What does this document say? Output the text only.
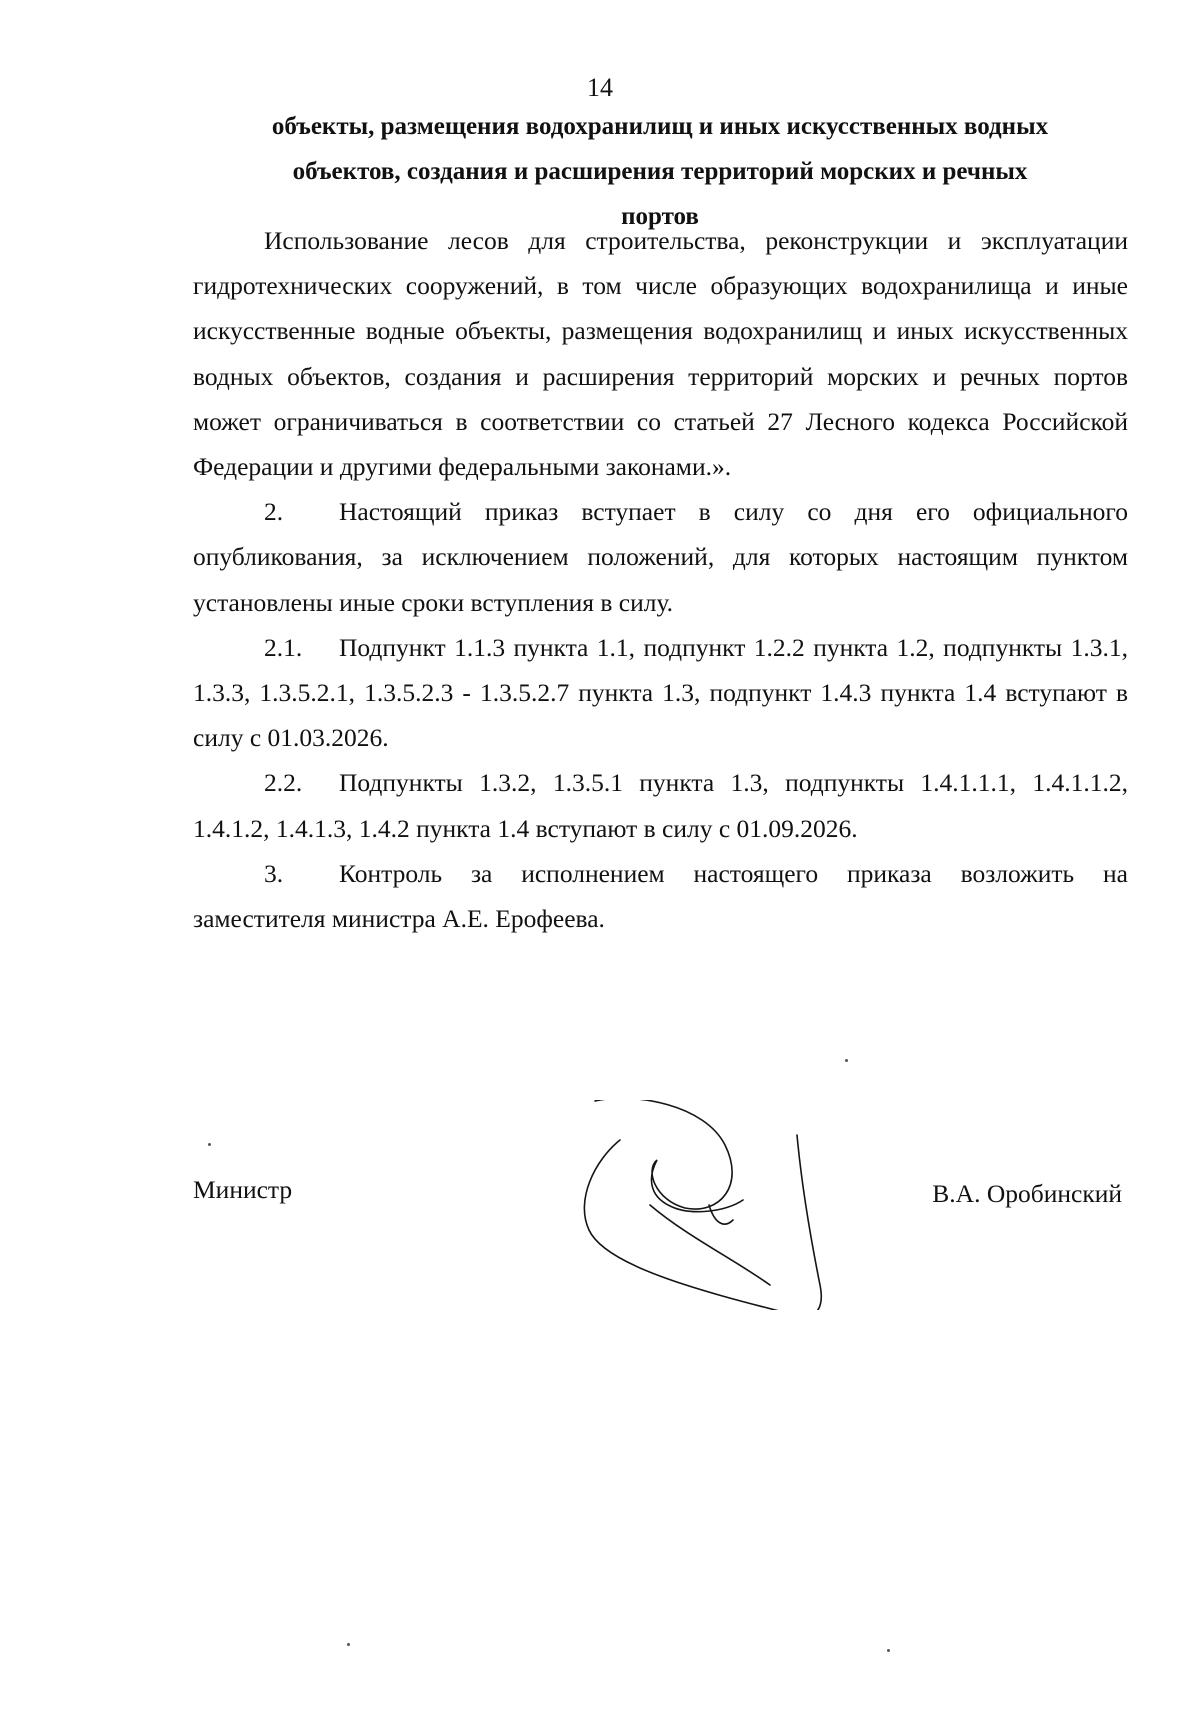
14
объекты, размещения водохранилищ и иных искусственных водных
объектов, создания и расширения территорий морских и речных
портов
Использование лесов для строительства, реконструкции и эксплуатации гидротехнических сооружений, в том числе образующих водохранилища и иные искусственные водные объекты, размещения водохранилищ и иных искусственных водных объектов, создания и расширения территорий морских и речных портов может ограничиваться в соответствии со статьей 27 Лесного кодекса Российской Федерации и другими федеральными законами.».
2. Настоящий приказ вступает в силу со дня его официального опубликования, за исключением положений, для которых настоящим пунктом установлены иные сроки вступления в силу.
2.1. Подпункт 1.1.3 пункта 1.1, подпункт 1.2.2 пункта 1.2, подпункты 1.3.1, 1.3.3, 1.3.5.2.1, 1.3.5.2.3 - 1.3.5.2.7 пункта 1.3, подпункт 1.4.3 пункта 1.4 вступают в силу с 01.03.2026.
2.2. Подпункты 1.3.2, 1.3.5.1 пункта 1.3, подпункты 1.4.1.1.1, 1.4.1.1.2, 1.4.1.2, 1.4.1.3, 1.4.2 пункта 1.4 вступают в силу с 01.09.2026.
3. Контроль за исполнением настоящего приказа возложить на заместителя министра А.Е. Ерофеева.
Министр	В.А. Оробинский
